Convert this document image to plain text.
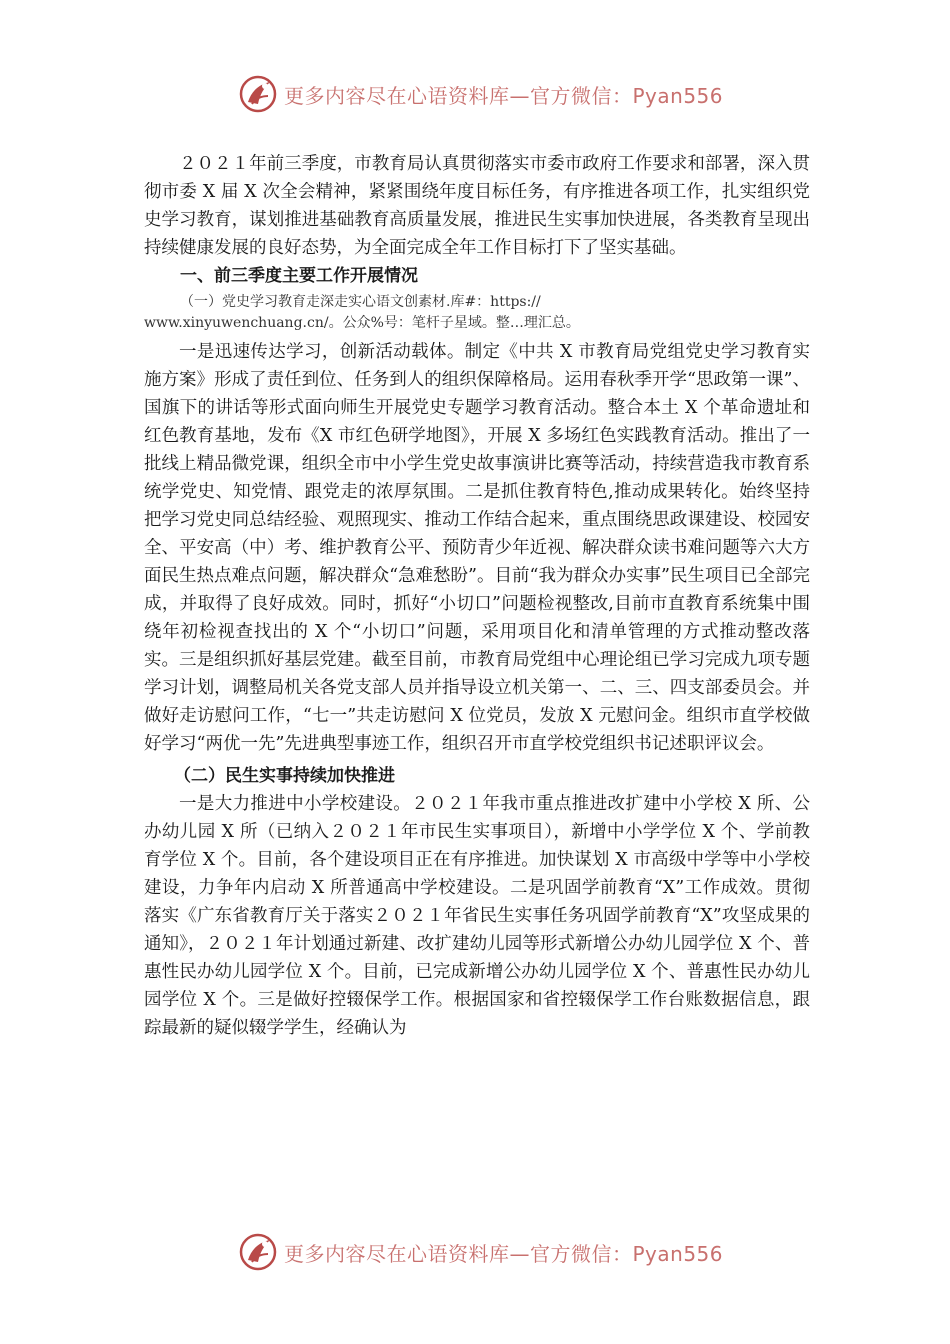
更多内容尽在心语资料库—官方微信：Pyan556

２０２１年前三季度，市教育局认真贯彻落实市委市政府工作要求和部署，深入贯彻市委 X 届 X 次全会精神，紧紧围绕年度目标任务，有序推进各项工作，扎实组织党史学习教育，谋划推进基础教育高质量发展，推进民生实事加快进展，各类教育呈现出持续健康发展的良好态势，为全面完成全年工作目标打下了坚实基础。

一、前三季度主要工作开展情况
（一）党史学习教育走深走实心语文创素材.库#：https://
www.xinyuwenchuang.cn/。公众%号：笔杆子星域。整…理汇总。

一是迅速传达学习，创新活动载体。制定《中共 X 市教育局党组党史学习教育实施方案》形成了责任到位、任务到人的组织保障格局。运用春秋季开学“思政第一课”、国旗下的讲话等形式面向师生开展党史专题学习教育活动。整合本土 X 个革命遗址和红色教育基地，发布《X 市红色研学地图》，开展 X 多场红色实践教育活动。推出了一批线上精品微党课，组织全市中小学生党史故事演讲比赛等活动，持续营造我市教育系统学党史、知党情、跟党走的浓厚氛围。二是抓住教育特色,推动成果转化。始终坚持把学习党史同总结经验、观照现实、推动工作结合起来，重点围绕思政课建设、校园安全、平安高（中）考、维护教育公平、预防青少年近视、解决群众读书难问题等六大方面民生热点难点问题，解决群众“急难愁盼”。目前“我为群众办实事”民生项目已全部完成，并取得了良好成效。同时，抓好“小切口”问题检视整改,目前市直教育系统集中围绕年初检视查找出的 X 个“小切口”问题，采用项目化和清单管理的方式推动整改落实。三是组织抓好基层党建。截至目前，市教育局党组中心理论组已学习完成九项专题学习计划，调整局机关各党支部人员并指导设立机关第一、二、三、四支部委员会。并做好走访慰问工作，“七一”共走访慰问 X 位党员，发放 X 元慰问金。组织市直学校做好学习“两优一先”先进典型事迹工作，组织召开市直学校党组织书记述职评议会。

（二）民生实事持续加快推进

一是大力推进中小学校建设。２０２１年我市重点推进改扩建中小学校 X 所、公办幼儿园 X 所（已纳入２０２１年市民生实事项目），新增中小学学位 X 个、学前教育学位 X 个。目前，各个建设项目正在有序推进。加快谋划 X 市高级中学等中小学校建设，力争年内启动 X 所普通高中学校建设。二是巩固学前教育“X”工作成效。贯彻落实《广东省教育厅关于落实２０２１年省民生实事任务巩固学前教育“X”攻坚成果的通知》，２０２１年计划通过新建、改扩建幼儿园等形式新增公办幼儿园学位 X 个、普惠性民办幼儿园学位 X 个。目前，已完成新增公办幼儿园学位 X 个、普惠性民办幼儿园学位 X 个。三是做好控辍保学工作。根据国家和省控辍保学工作台账数据信息，跟踪最新的疑似辍学学生，经确认为

更多内容尽在心语资料库—官方微信：Pyan556
